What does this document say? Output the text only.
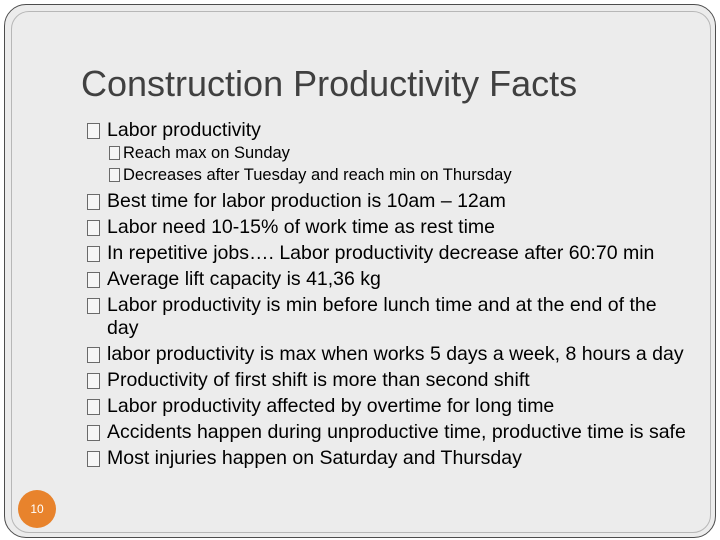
Construction Productivity Facts
Labor productivity
Reach max on Sunday
Decreases after Tuesday and reach min on Thursday
Best time for labor production is 10am – 12am
Labor need 10-15% of work time as rest time
In repetitive jobs…. Labor productivity decrease after 60:70 min
Average lift capacity is 41,36 kg
Labor productivity is min before lunch time and at the end of the day
labor productivity is max when works 5 days a week, 8 hours a day
Productivity of first shift is more than second shift
Labor productivity affected by overtime for long time
Accidents happen during unproductive time, productive time is safe
Most injuries happen on Saturday and Thursday
10
